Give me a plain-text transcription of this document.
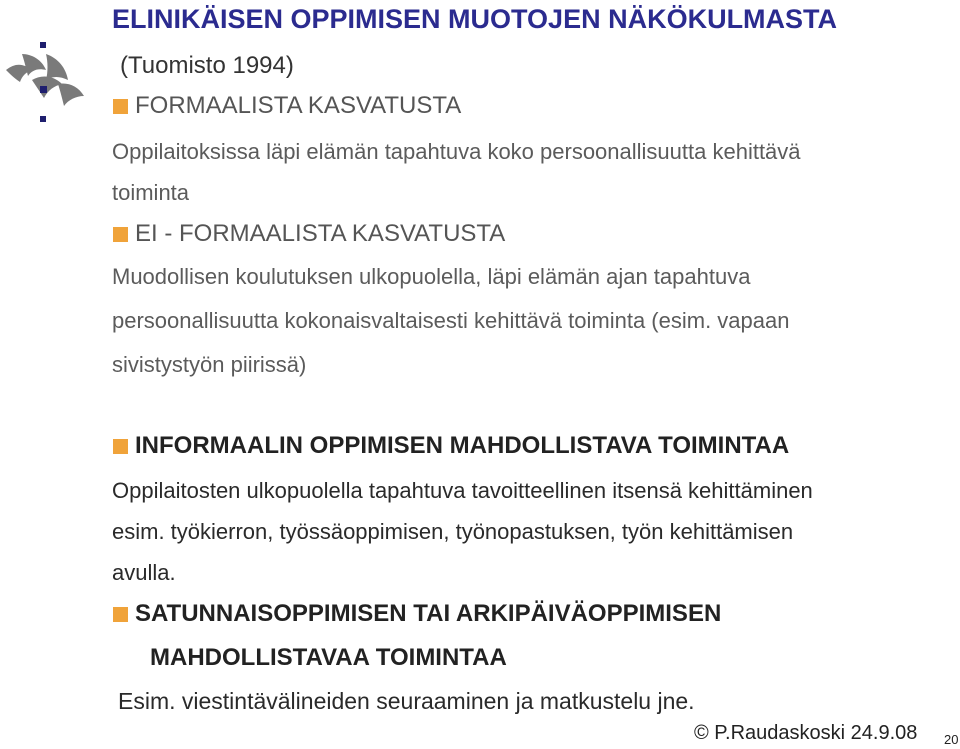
ELINIKÄISEN OPPIMISEN MUOTOJEN NÄKÖKULMASTA
(Tuomisto 1994)
FORMAALISTA KASVATUSTA
Oppilaitoksissa läpi elämän tapahtuva koko persoonallisuutta kehittävä
toiminta
EI - FORMAALISTA KASVATUSTA
Muodollisen koulutuksen ulkopuolella, läpi elämän ajan tapahtuva
persoonallisuutta kokonaisvaltaisesti kehittävä toiminta (esim. vapaan
sivistystyön piirissä)
INFORMAALIN OPPIMISEN MAHDOLLISTAVA TOIMINTAA
Oppilaitosten ulkopuolella tapahtuva tavoitteellinen itsensä kehittäminen
esim. työkierron, työssäoppimisen, työnopastuksen, työn kehittämisen
avulla.
SATUNNAISOPPIMISEN TAI ARKIPÄIVÄOPPIMISEN
MAHDOLLISTAVAA TOIMINTAA
Esim. viestintävälineiden seuraaminen ja matkustelu jne.
© P.Raudaskoski 24.9.08 20
